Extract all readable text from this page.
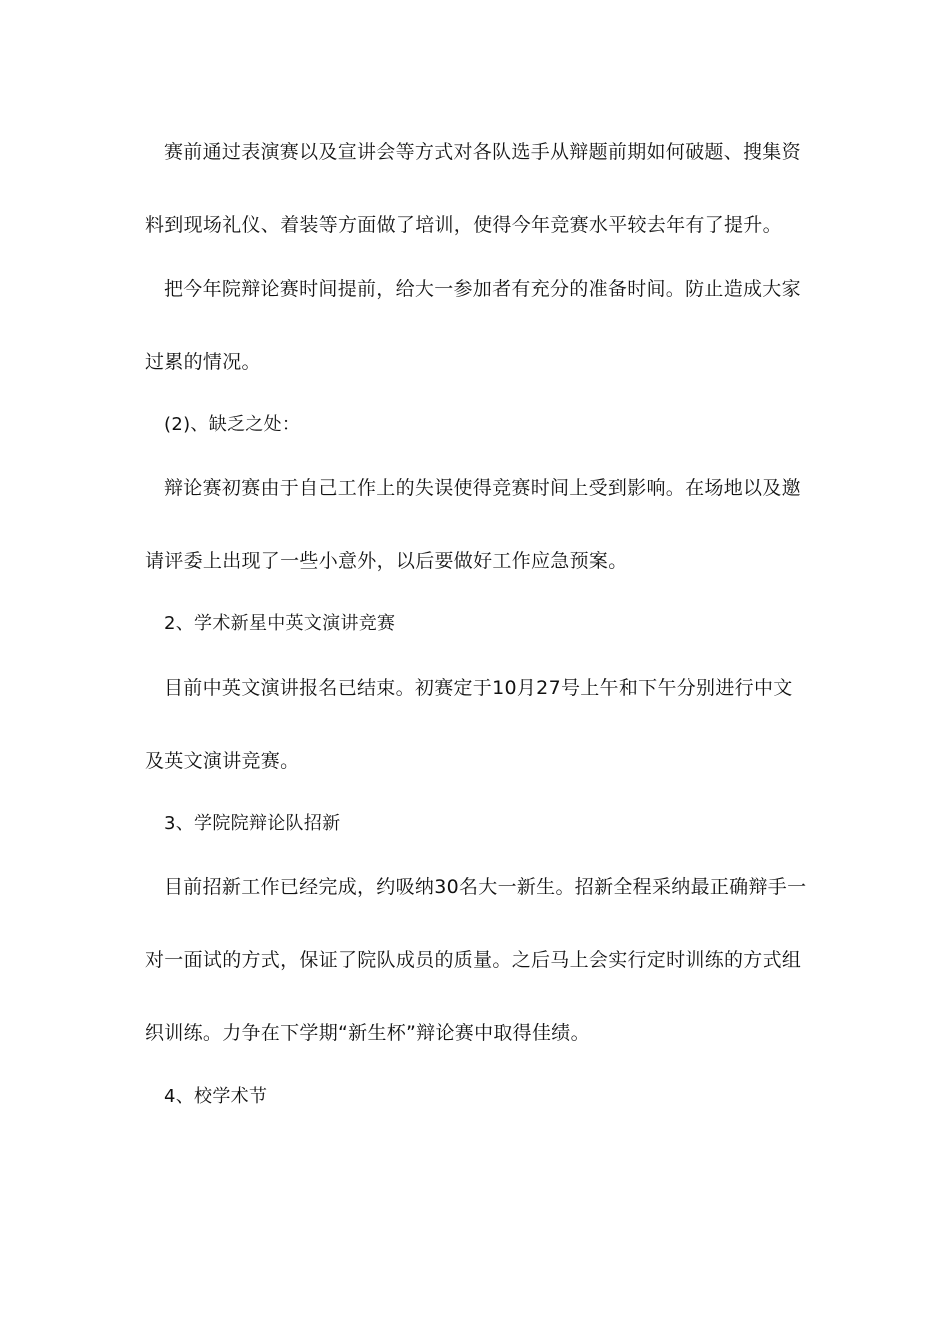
赛前通过表演赛以及宣讲会等方式对各队选手从辩题前期如何破题、搜集资
料到现场礼仪、着装等方面做了培训，使得今年竞赛水平较去年有了提升。
把今年院辩论赛时间提前，给大一参加者有充分的准备时间。防止造成大家
过累的情况。
(2)、缺乏之处：
辩论赛初赛由于自己工作上的失误使得竞赛时间上受到影响。在场地以及邀
请评委上出现了一些小意外，以后要做好工作应急预案。
2、学术新星中英文演讲竞赛
目前中英文演讲报名已结束。初赛定于10月27号上午和下午分别进行中文
及英文演讲竞赛。
3、学院院辩论队招新
目前招新工作已经完成，约吸纳30名大一新生。招新全程采纳最正确辩手一
对一面试的方式，保证了院队成员的质量。之后马上会实行定时训练的方式组
织训练。力争在下学期“新生杯”辩论赛中取得佳绩。
4、校学术节
